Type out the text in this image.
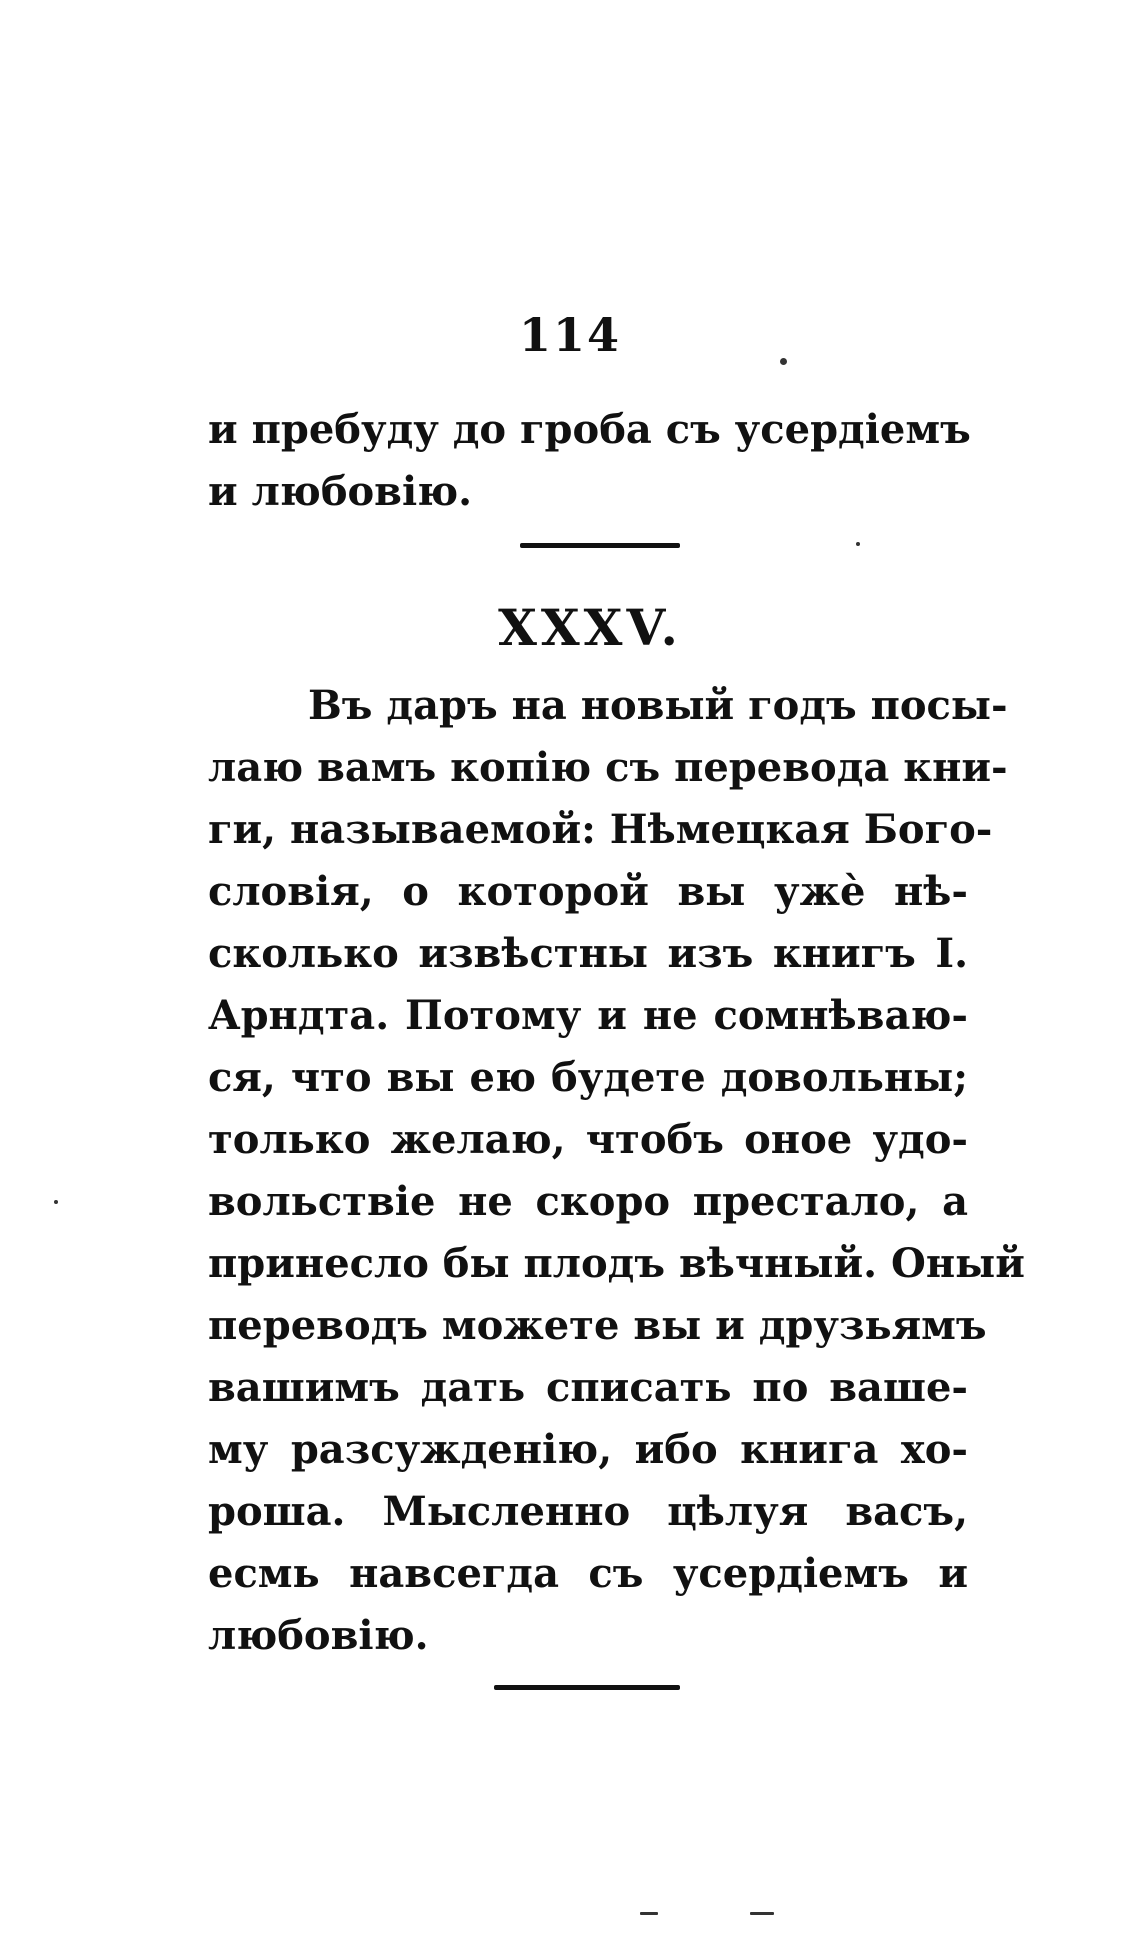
114
и пребуду до гроба съ усердіемъ
и любовію.
XXXV.
Въ даръ на новый годъ посы-
лаю вамъ копію съ перевода кни-
ги, называемой: Нѣмецкая Бого-
словія, о которой вы ужè нѣ-
сколько извѣстны изъ книгъ І.
Арндта. Потому и не сомнѣваю-
ся, что вы ею будете довольны;
только желаю, чтобъ оное удо-
вольствіе не скоро престало, а
принесло бы плодъ вѣчный. Оный
переводъ можете вы и друзьямъ
вашимъ дать списать по ваше-
му разсужденію, ибо книга хо-
роша. Мысленно цѣлуя васъ,
есмь навсегда съ усердіемъ и
любовію.
